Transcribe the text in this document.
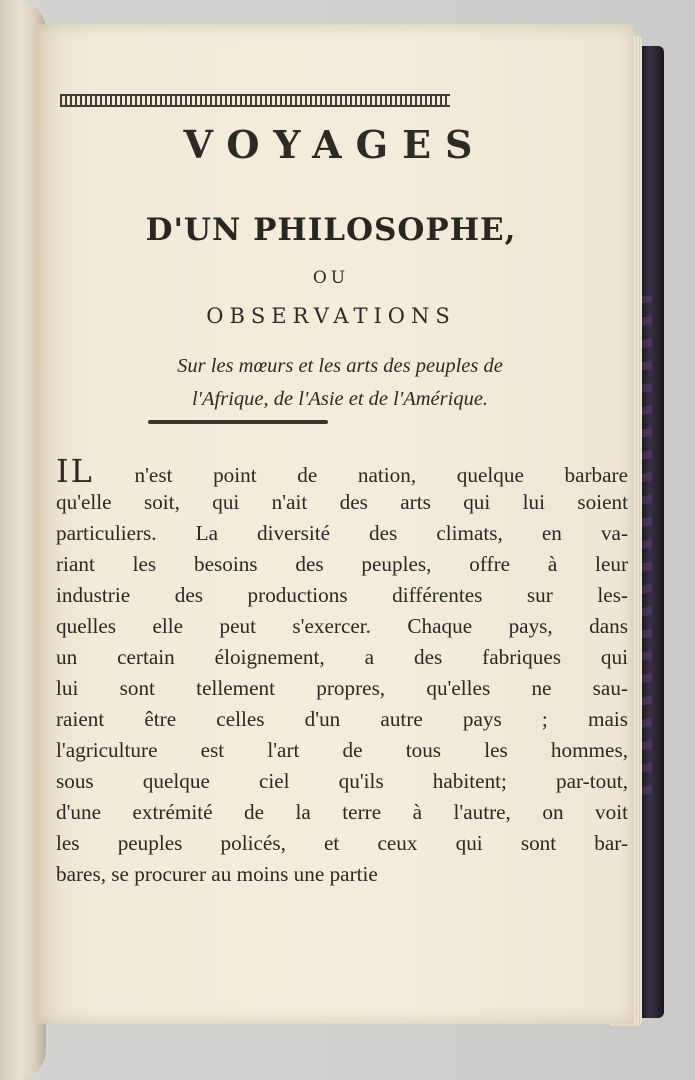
VOYAGES
D'UN PHILOSOPHE,
OU
OBSERVATIONS
Sur les mœurs et les arts des peuples de
l'Afrique, de l'Asie et de l'Amérique.
IL n'est point de nation, quelque barbare
qu'elle soit, qui n'ait des arts qui lui soient
particuliers. La diversité des climats, en va-
riant les besoins des peuples, offre à leur
industrie des productions différentes sur les-
quelles elle peut s'exercer. Chaque pays, dans
un certain éloignement, a des fabriques qui
lui sont tellement propres, qu'elles ne sau-
raient être celles d'un autre pays ; mais
l'agriculture est l'art de tous les hommes,
sous quelque ciel qu'ils habitent; par-tout,
d'une extrémité de la terre à l'autre, on voit
les peuples policés, et ceux qui sont bar-
bares, se procurer au moins une partie
